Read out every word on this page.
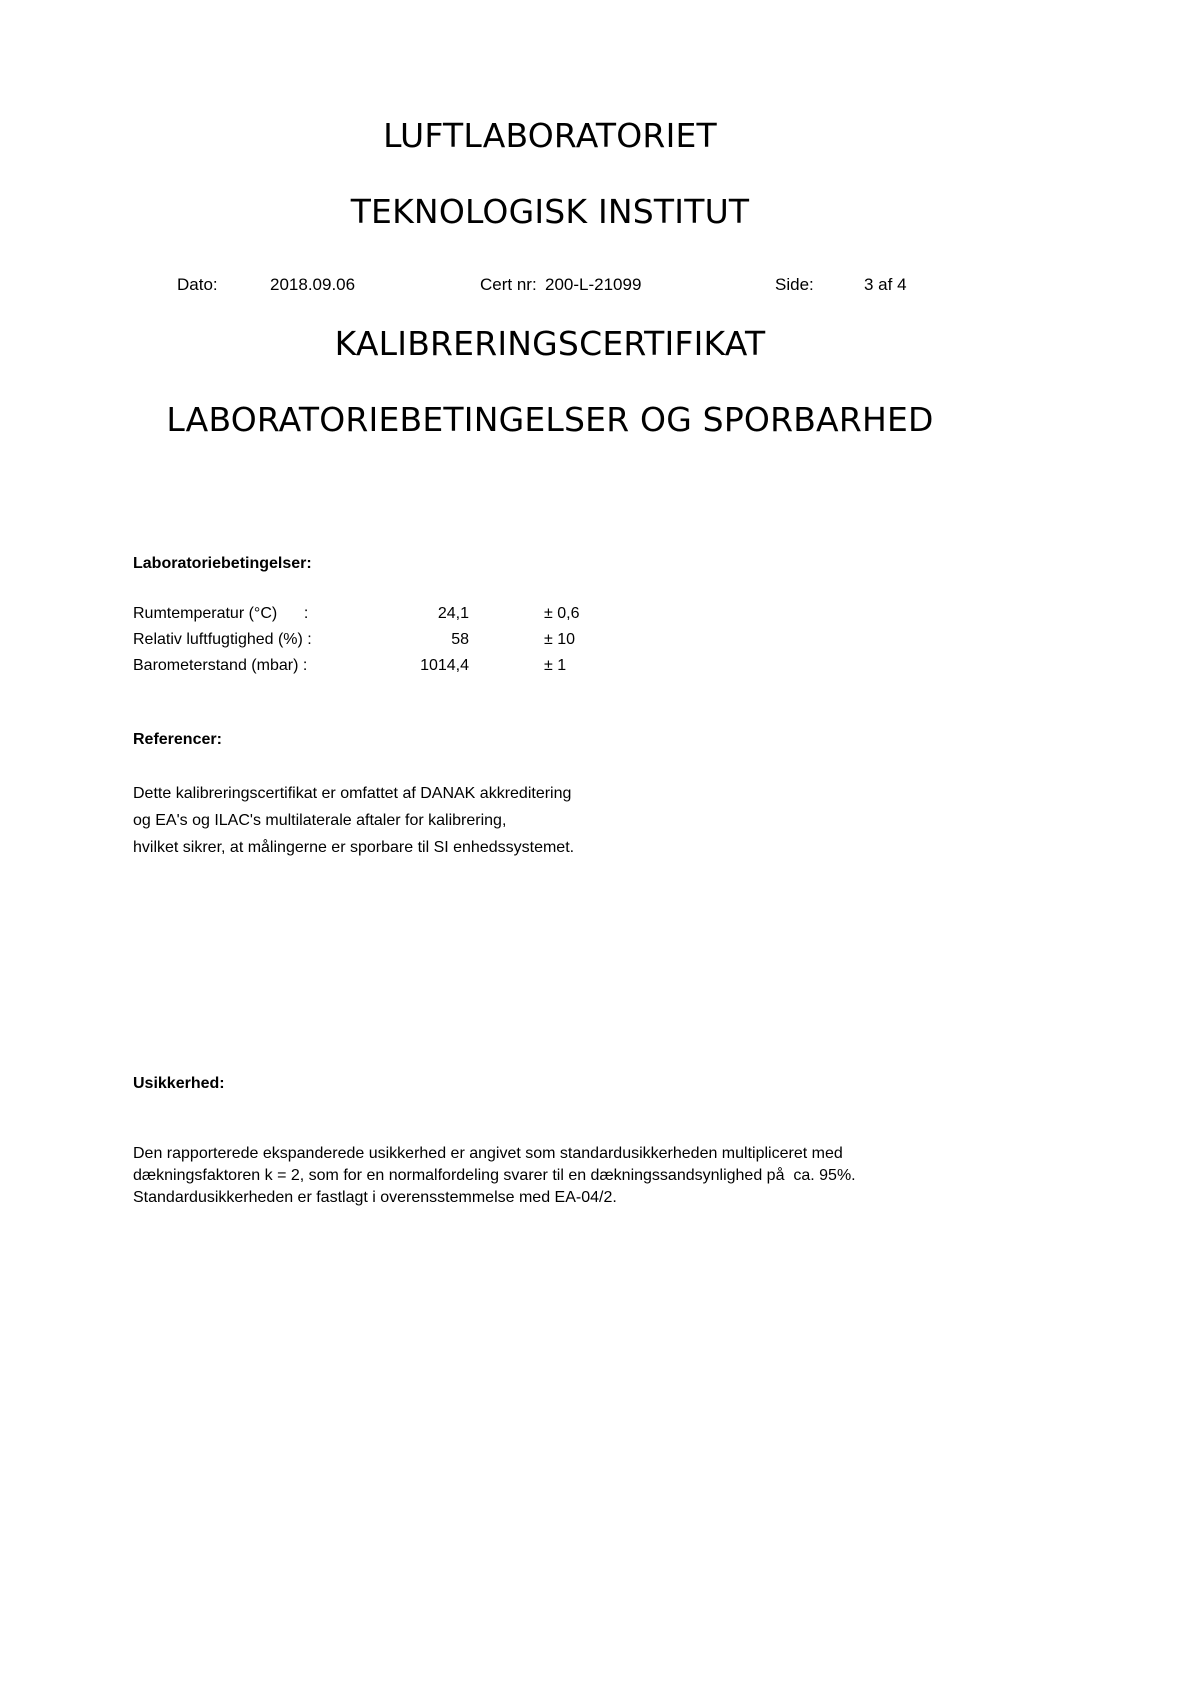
LUFTLABORATORIET
TEKNOLOGISK INSTITUT
Dato:	2018.09.06	Cert nr: 200-L-21099	Side:	3 af 4
KALIBRERINGSCERTIFIKAT
LABORATORIEBETINGELSER OG SPORBARHED
Laboratoriebetingelser:
Rumtemperatur (°C)      :	24,1	± 0,6
Relativ luftfugtighed (%) :	58	± 10
Barometerstand (mbar) :	1014,4	± 1
Referencer:
Dette kalibreringscertifikat er omfattet af DANAK akkreditering
og EA's og ILAC's multilaterale aftaler for kalibrering,
hvilket sikrer, at målingerne er sporbare til SI enhedssystemet.
Usikkerhed:
Den rapporterede ekspanderede usikkerhed er angivet som standardusikkerheden multipliceret med
dækningsfaktoren k = 2, som for en normalfordeling svarer til en dækningssandsynlighed på  ca. 95%.
Standardusikkerheden er fastlagt i overensstemmelse med EA-04/2.
